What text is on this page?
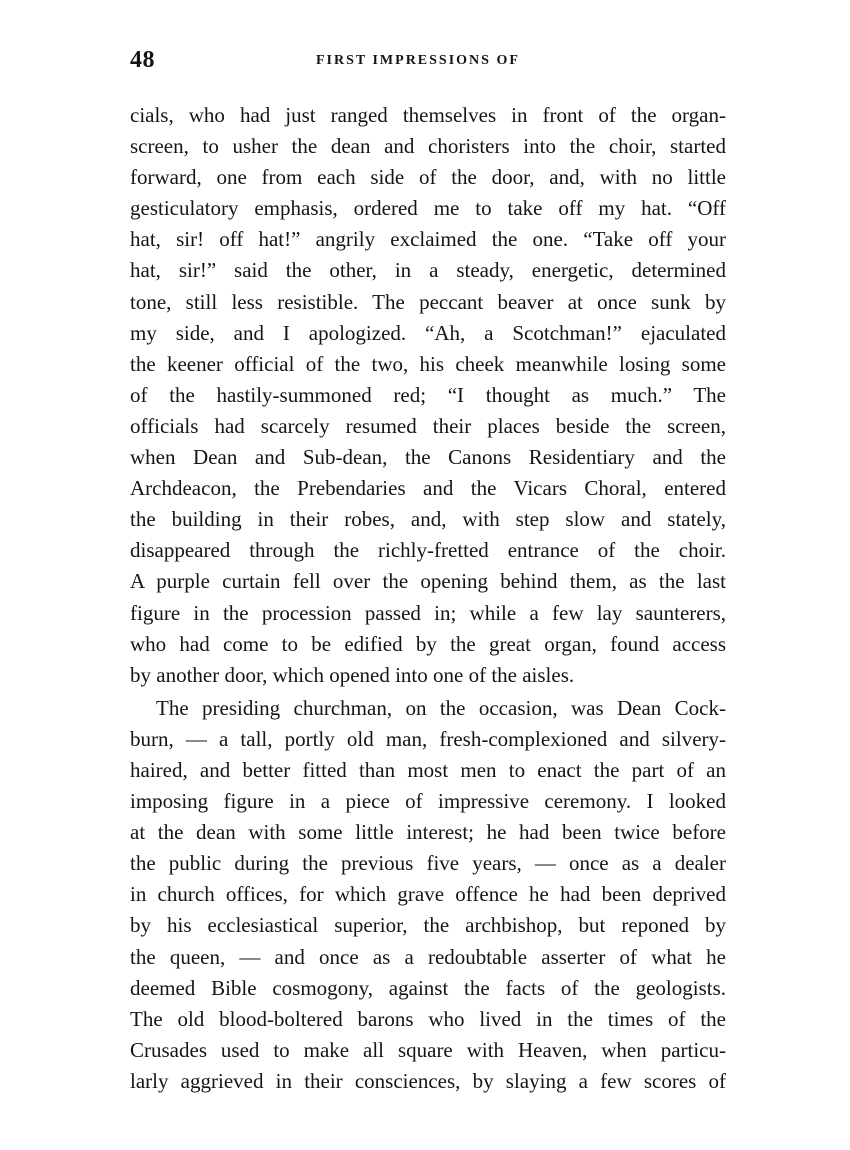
48	FIRST IMPRESSIONS OF
cials, who had just ranged themselves in front of the organ-
screen, to usher the dean and choristers into the choir, started
forward, one from each side of the door, and, with no little
gesticulatory emphasis, ordered me to take off my hat. “Off
hat, sir! off hat!” angrily exclaimed the one. “Take off your
hat, sir!” said the other, in a steady, energetic, determined
tone, still less resistible. The peccant beaver at once sunk by
my side, and I apologized. “Ah, a Scotchman!” ejaculated
the keener official of the two, his cheek meanwhile losing some
of the hastily-summoned red; “I thought as much.” The
officials had scarcely resumed their places beside the screen,
when Dean and Sub-dean, the Canons Residentiary and the
Archdeacon, the Prebendaries and the Vicars Choral, entered
the building in their robes, and, with step slow and stately,
disappeared through the richly-fretted entrance of the choir.
A purple curtain fell over the opening behind them, as the last
figure in the procession passed in; while a few lay saunterers,
who had come to be edified by the great organ, found access
by another door, which opened into one of the aisles.
The presiding churchman, on the occasion, was Dean Cock-
burn, — a tall, portly old man, fresh-complexioned and silvery-
haired, and better fitted than most men to enact the part of an
imposing figure in a piece of impressive ceremony. I looked
at the dean with some little interest; he had been twice before
the public during the previous five years, — once as a dealer
in church offices, for which grave offence he had been deprived
by his ecclesiastical superior, the archbishop, but reponed by
the queen, — and once as a redoubtable asserter of what he
deemed Bible cosmogony, against the facts of the geologists.
The old blood-boltered barons who lived in the times of the
Crusades used to make all square with Heaven, when particu-
larly aggrieved in their consciences, by slaying a few scores of
